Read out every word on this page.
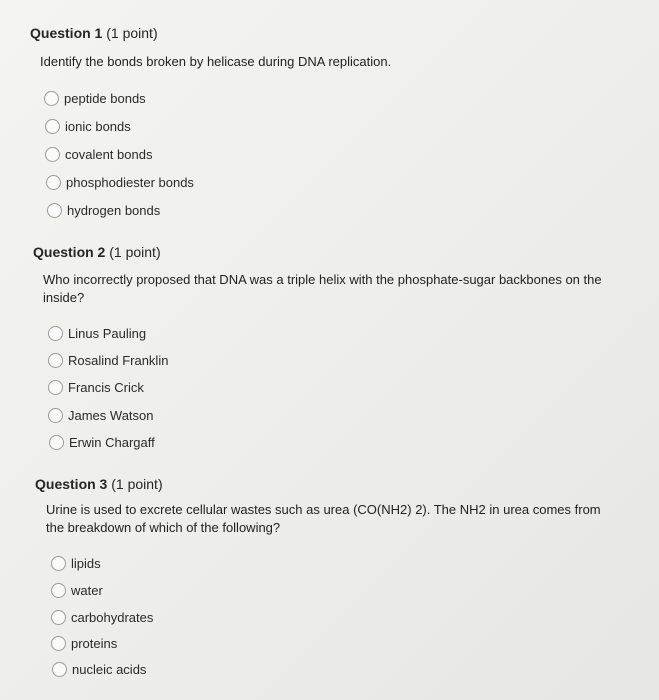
Question 1 (1 point)
Identify the bonds broken by helicase during DNA replication.
peptide bonds
ionic bonds
covalent bonds
phosphodiester bonds
hydrogen bonds
Question 2 (1 point)
Who incorrectly proposed that DNA was a triple helix with the phosphate-sugar backbones on the inside?
Linus Pauling
Rosalind Franklin
Francis Crick
James Watson
Erwin Chargaff
Question 3 (1 point)
Urine is used to excrete cellular wastes such as urea (CO(NH2) 2). The NH2 in urea comes from the breakdown of which of the following?
lipids
water
carbohydrates
proteins
nucleic acids
